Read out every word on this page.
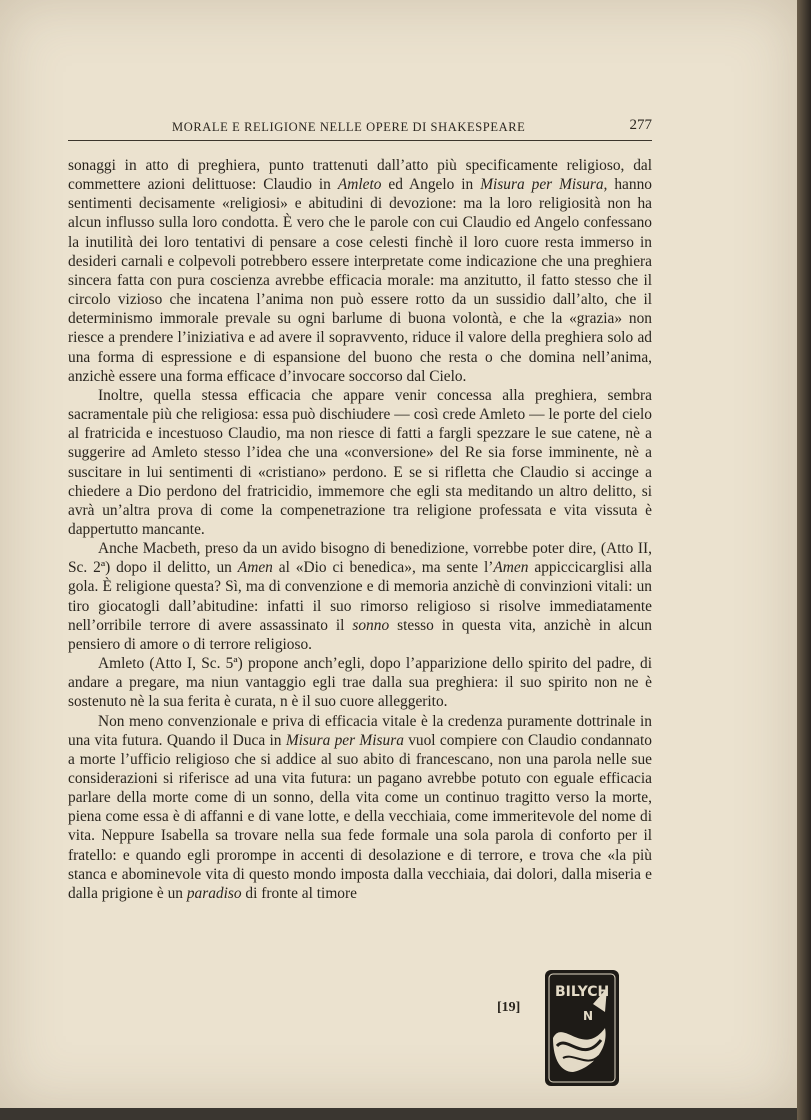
MORALE E RELIGIONE NELLE OPERE DI SHAKESPEARE	277

sonaggi in atto di preghiera, punto trattenuti dall’atto più specificamente religioso, dal commettere azioni delittuose: Claudio in Amleto ed Angelo in Misura per Misura, hanno sentimenti decisamente «religiosi» e abitudini di devozione: ma la loro religiosità non ha alcun influsso sulla loro condotta. È vero che le parole con cui Claudio ed Angelo confessano la inutilità dei loro tentativi di pensare a cose celesti finchè il loro cuore resta immerso in desideri carnali e colpevoli potrebbero essere interpretate come indicazione che una preghiera sincera fatta con pura coscienza avrebbe efficacia morale: ma anzitutto, il fatto stesso che il circolo vizioso che incatena l’anima non può essere rotto da un sussidio dall’alto, che il determinismo immorale prevale su ogni barlume di buona volontà, e che la «grazia» non riesce a prendere l’iniziativa e ad avere il sopravvento, riduce il valore della preghiera solo ad una forma di espressione e di espansione del buono che resta o che domina nell’anima, anzichè essere una forma efficace d’invocare soccorso dal Cielo.

Inoltre, quella stessa efficacia che appare venir concessa alla preghiera, sembra sacramentale più che religiosa: essa può dischiudere — così crede Amleto — le porte del cielo al fratricida e incestuoso Claudio, ma non riesce di fatti a fargli spezzare le sue catene, nè a suggerire ad Amleto stesso l’idea che una «conversione» del Re sia forse imminente, nè a suscitare in lui sentimenti di «cristiano» perdono. E se si rifletta che Claudio si accinge a chiedere a Dio perdono del fratricidio, immemore che egli sta meditando un altro delitto, si avrà un’altra prova di come la compenetrazione tra religione professata e vita vissuta è dappertutto mancante.

Anche Macbeth, preso da un avido bisogno di benedizione, vorrebbe poter dire, (Atto II, Sc. 2ª) dopo il delitto, un Amen al «Dio ci benedica», ma sente l’Amen appiccicarglisi alla gola. È religione questa? Sì, ma di convenzione e di memoria anzichè di convinzioni vitali: un tiro giocatogli dall’abitudine: infatti il suo rimorso religioso si risolve immediatamente nell’orribile terrore di avere assassinato il sonno stesso in questa vita, anzichè in alcun pensiero di amore o di terrore religioso.

Amleto (Atto I, Sc. 5ª) propone anch’egli, dopo l’apparizione dello spirito del padre, di andare a pregare, ma niun vantaggio egli trae dalla sua preghiera: il suo spirito non ne è sostenuto nè la sua ferita è curata, n è il suo cuore alleggerito.

Non meno convenzionale e priva di efficacia vitale è la credenza puramente dottrinale in una vita futura. Quando il Duca in Misura per Misura vuol compiere con Claudio condannato a morte l’ufficio religioso che si addice al suo abito di francescano, non una parola nelle sue considerazioni si riferisce ad una vita futura: un pagano avrebbe potuto con eguale efficacia parlare della morte come di un sonno, della vita come un continuo tragitto verso la morte, piena come essa è di affanni e di vane lotte, e della vecchiaia, come immeritevole del nome di vita. Neppure Isabella sa trovare nella sua fede formale una sola parola di conforto per il fratello: e quando egli prorompe in accenti di desolazione e di terrore, e trova che «la più stanca e abominevole vita di questo mondo imposta dalla vecchiaia, dai dolori, dalla miseria e dalla prigione è un paradiso di fronte al timore

[19]
BILYCH
N
